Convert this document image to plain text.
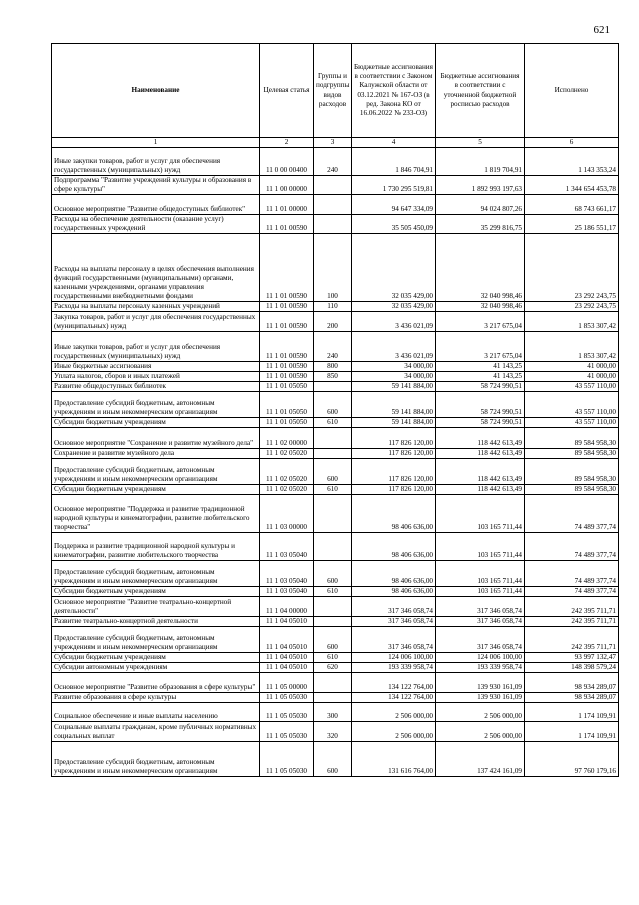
621
Наименование	Целевая статья	Группы и подгруппы видов расходов	Бюджетные ассигнования в соответствии с Законом Калужской области от 03.12.2021 № 167-ОЗ (в ред. Закона КО от 16.06.2022 № 233-ОЗ)	Бюджетные ассигнования в соответствии с уточненной бюджетной росписью расходов	Исполнено
1	2	3	4	5	6
Иные закупки товаров, работ и услуг для обеспечения государственных (муниципальных) нужд	11 0 00 00400	240	1 846 704,91	1 819 704,91	1 143 353,24
Подпрограмма "Развитие учреждений культуры и образования в сфере культуры"	11 1 00 00000		1 730 295 519,81	1 892 993 197,63	1 344 654 453,78
Основное мероприятие "Развитие общедоступных библиотек"	11 1 01 00000		94 647 334,09	94 024 807,26	68 743 661,17
Расходы на обеспечение деятельности (оказание услуг) государственных учреждений	11 1 01 00590		35 505 450,09	35 299 816,75	25 186 551,17
Расходы на выплаты персоналу в целях обеспечения выполнения функций государственными (муниципальными) органами, казенными учреждениями, органами управления государственными внебюджетными фондами	11 1 01 00590	100	32 035 429,00	32 040 998,46	23 292 243,75
Расходы на выплаты персоналу казенных учреждений	11 1 01 00590	110	32 035 429,00	32 040 998,46	23 292 243,75
Закупка товаров, работ и услуг для обеспечения государственных (муниципальных) нужд	11 1 01 00590	200	3 436 021,09	3 217 675,04	1 853 307,42
Иные закупки товаров, работ и услуг для обеспечения государственных (муниципальных) нужд	11 1 01 00590	240	3 436 021,09	3 217 675,04	1 853 307,42
Иные бюджетные ассигнования	11 1 01 00590	800	34 000,00	41 143,25	41 000,00
Уплата налогов, сборов и иных платежей	11 1 01 00590	850	34 000,00	41 143,25	41 000,00
Развитие общедоступных библиотек	11 1 01 05050		59 141 884,00	58 724 990,51	43 557 110,00
Предоставление субсидий бюджетным, автономным учреждениям и иным некоммерческим организациям	11 1 01 05050	600	59 141 884,00	58 724 990,51	43 557 110,00
Субсидии бюджетным учреждениям	11 1 01 05050	610	59 141 884,00	58 724 990,51	43 557 110,00
Основное мероприятие "Сохранение и развитие музейного дела"	11 1 02 00000		117 826 120,00	118 442 613,49	89 584 958,30
Сохранение и развитие музейного дела	11 1 02 05020		117 826 120,00	118 442 613,49	89 584 958,30
Предоставление субсидий бюджетным, автономным учреждениям и иным некоммерческим организациям	11 1 02 05020	600	117 826 120,00	118 442 613,49	89 584 958,30
Субсидии бюджетным учреждениям	11 1 02 05020	610	117 826 120,00	118 442 613,49	89 584 958,30
Основное мероприятие "Поддержка и развитие традиционной народной культуры и кинематографии, развитие любительского творчества"	11 1 03 00000		98 406 636,00	103 165 711,44	74 489 377,74
Поддержка и развитие традиционной народной культуры и кинематографии, развитие любительского творчества	11 1 03 05040		98 406 636,00	103 165 711,44	74 489 377,74
Предоставление субсидий бюджетным, автономным учреждениям и иным некоммерческим организациям	11 1 03 05040	600	98 406 636,00	103 165 711,44	74 489 377,74
Субсидии бюджетным учреждениям	11 1 03 05040	610	98 406 636,00	103 165 711,44	74 489 377,74
Основное мероприятие "Развитие театрально-концертной деятельности"	11 1 04 00000		317 346 058,74	317 346 058,74	242 395 711,71
Развитие театрально-концертной деятельности	11 1 04 05010		317 346 058,74	317 346 058,74	242 395 711,71
Предоставление субсидий бюджетным, автономным учреждениям и иным некоммерческим организациям	11 1 04 05010	600	317 346 058,74	317 346 058,74	242 395 711,71
Субсидии бюджетным учреждениям	11 1 04 05010	610	124 006 100,00	124 006 100,00	93 997 132,47
Субсидии автономным учреждениям	11 1 04 05010	620	193 339 958,74	193 339 958,74	148 398 579,24
Основное мероприятие "Развитие образования в сфере культуры"	11 1 05 00000		134 122 764,00	139 930 161,09	98 934 289,07
Развитие образования в сфере культуры	11 1 05 05030		134 122 764,00	139 930 161,09	98 934 289,07
Социальное обеспечение и иные выплаты населению	11 1 05 05030	300	2 506 000,00	2 506 000,00	1 174 109,91
Социальные выплаты гражданам, кроме публичных нормативных социальных выплат	11 1 05 05030	320	2 506 000,00	2 506 000,00	1 174 109,91
Предоставление субсидий бюджетным, автономным учреждениям и иным некоммерческим организациям	11 1 05 05030	600	131 616 764,00	137 424 161,09	97 760 179,16
